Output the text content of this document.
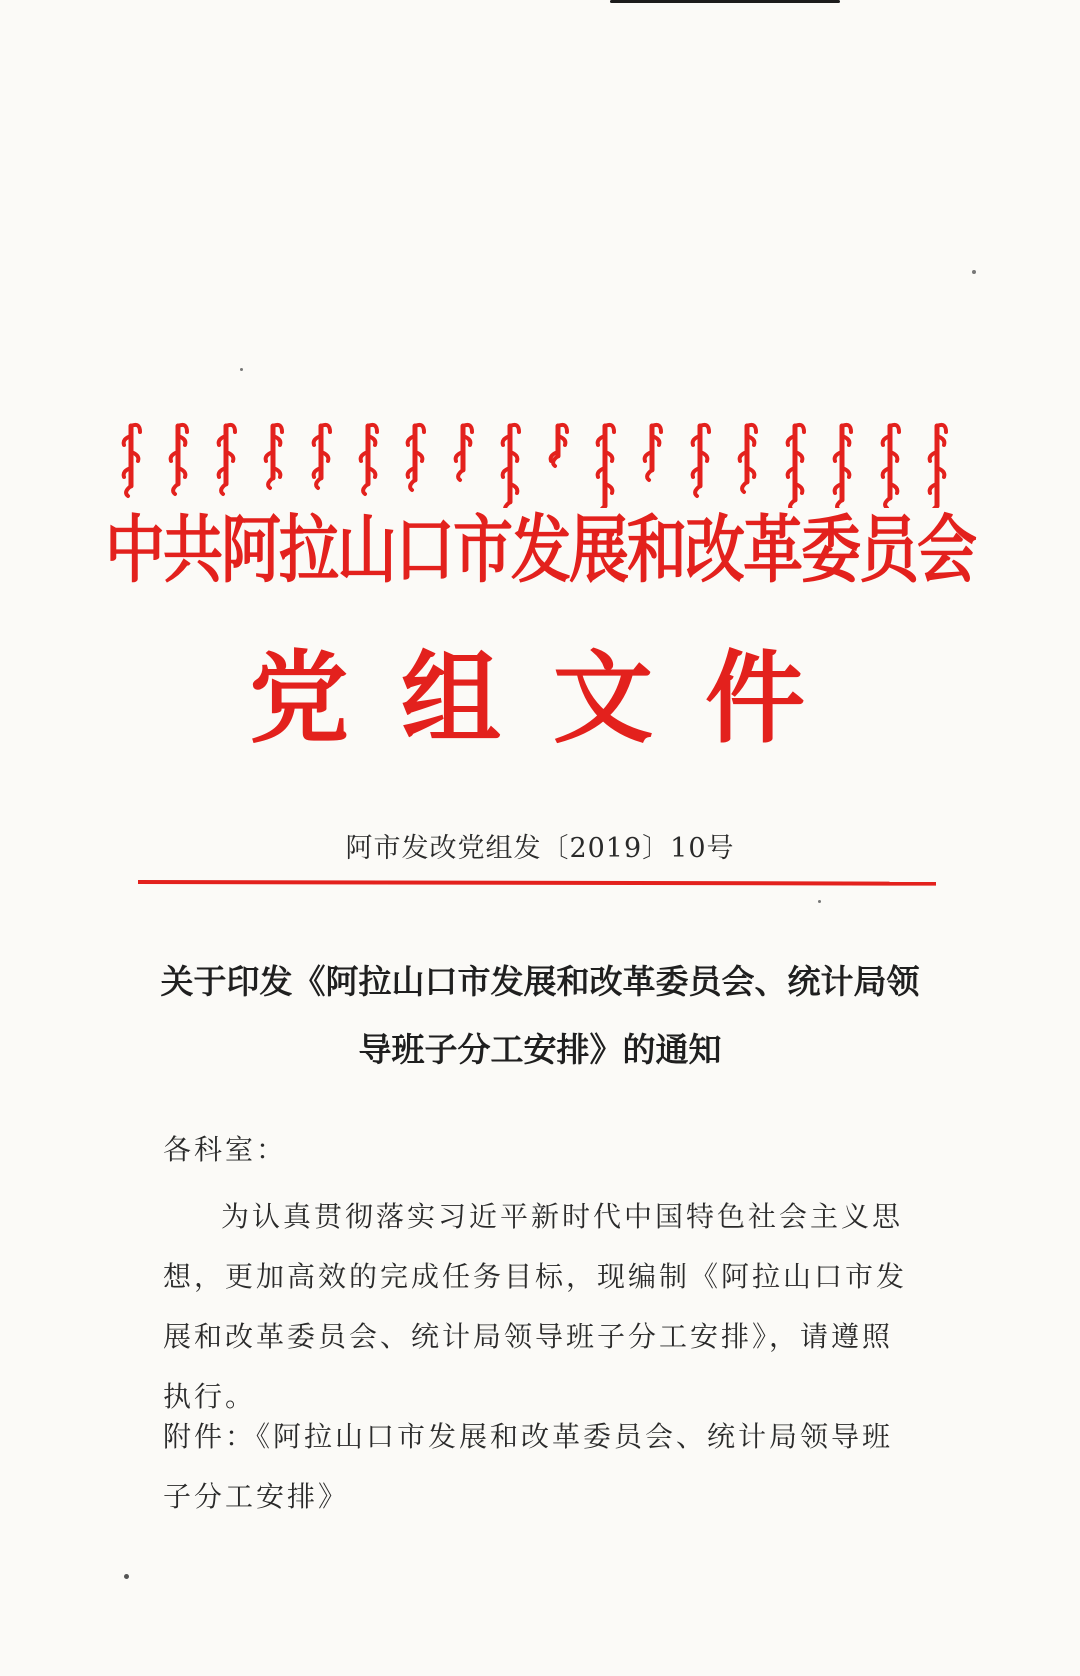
中共阿拉山口市发展和改革委员会
党组文件
阿市发改党组发〔2019〕10号
关于印发《阿拉山口市发展和改革委员会、统计局领
导班子分工安排》的通知
各科室：

为认真贯彻落实习近平新时代中国特色社会主义思想，更加高效的完成任务目标，现编制《阿拉山口市发展和改革委员会、统计局领导班子分工安排》，请遵照执行。

附件：《阿拉山口市发展和改革委员会、统计局领导班子分工安排》
